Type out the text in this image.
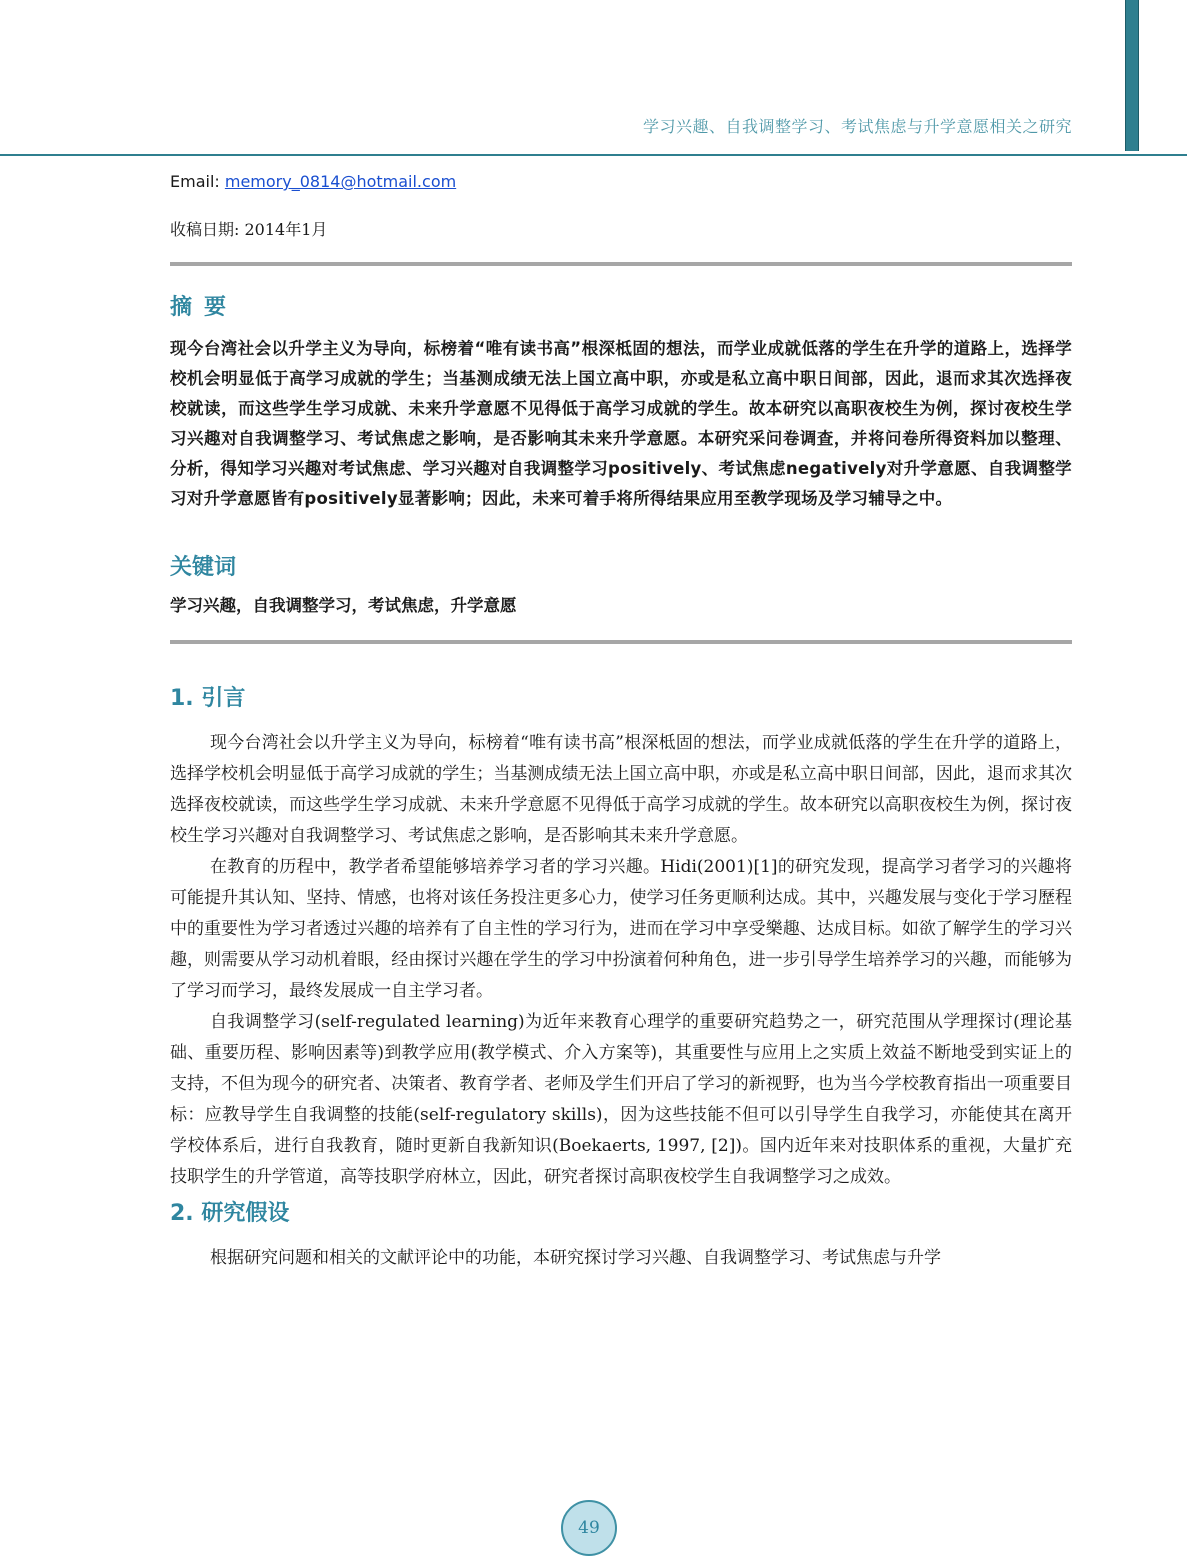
学习兴趣、自我调整学习、考试焦虑与升学意愿相关之研究
Email: memory_0814@hotmail.com
收稿日期: 2014年1月
摘要
现今台湾社会以升学主义为导向，标榜着“唯有读书高”根深柢固的想法，而学业成就低落的学生在升学的道路上，选择学校机会明显低于高学习成就的学生；当基测成绩无法上国立高中职，亦或是私立高中职日间部，因此，退而求其次选择夜校就读，而这些学生学习成就、未来升学意愿不见得低于高学习成就的学生。故本研究以高职夜校生为例，探讨夜校生学习兴趣对自我调整学习、考试焦虑之影响，是否影响其未来升学意愿。本研究采问卷调查，并将问卷所得资料加以整理、分析，得知学习兴趣对考试焦虑、学习兴趣对自我调整学习positively、考试焦虑negatively对升学意愿、自我调整学习对升学意愿皆有positively显著影响；因此，未来可着手将所得结果应用至教学现场及学习辅导之中。
关键词
学习兴趣，自我调整学习，考试焦虑，升学意愿
1. 引言

现今台湾社会以升学主义为导向，标榜着“唯有读书高”根深柢固的想法，而学业成就低落的学生在升学的道路上，选择学校机会明显低于高学习成就的学生；当基测成绩无法上国立高中职，亦或是私立高中职日间部，因此，退而求其次选择夜校就读，而这些学生学习成就、未来升学意愿不见得低于高学习成就的学生。故本研究以高职夜校生为例，探讨夜校生学习兴趣对自我调整学习、考试焦虑之影响，是否影响其未来升学意愿。

在教育的历程中，教学者希望能够培养学习者的学习兴趣。Hidi(2001)[1]的研究发现，提高学习者学习的兴趣将可能提升其认知、坚持、情感，也将对该任务投注更多心力，使学习任务更顺利达成。其中，兴趣发展与变化于学习歷程中的重要性为学习者透过兴趣的培养有了自主性的学习行为，进而在学习中享受樂趣、达成目标。如欲了解学生的学习兴趣，则需要从学习动机着眼，经由探讨兴趣在学生的学习中扮演着何种角色，进一步引导学生培养学习的兴趣，而能够为了学习而学习，最终发展成一自主学习者。

自我调整学习(self-regulated learning)为近年来教育心理学的重要研究趋势之一，研究范围从学理探讨(理论基础、重要历程、影响因素等)到教学应用(教学模式、介入方案等)，其重要性与应用上之实质上效益不断地受到实证上的支持，不但为现今的研究者、决策者、教育学者、老师及学生们开启了学习的新视野，也为当今学校教育指出一项重要目标：应教导学生自我调整的技能(self-regulatory skills)，因为这些技能不但可以引导学生自我学习，亦能使其在离开学校体系后，进行自我教育，随时更新自我新知识(Boekaerts, 1997, [2])。国内近年来对技职体系的重视，大量扩充技职学生的升学管道，高等技职学府林立，因此，研究者探讨高职夜校学生自我调整学习之成效。

2. 研究假设

根据研究问题和相关的文献评论中的功能，本研究探讨学习兴趣、自我调整学习、考试焦虑与升学

49
